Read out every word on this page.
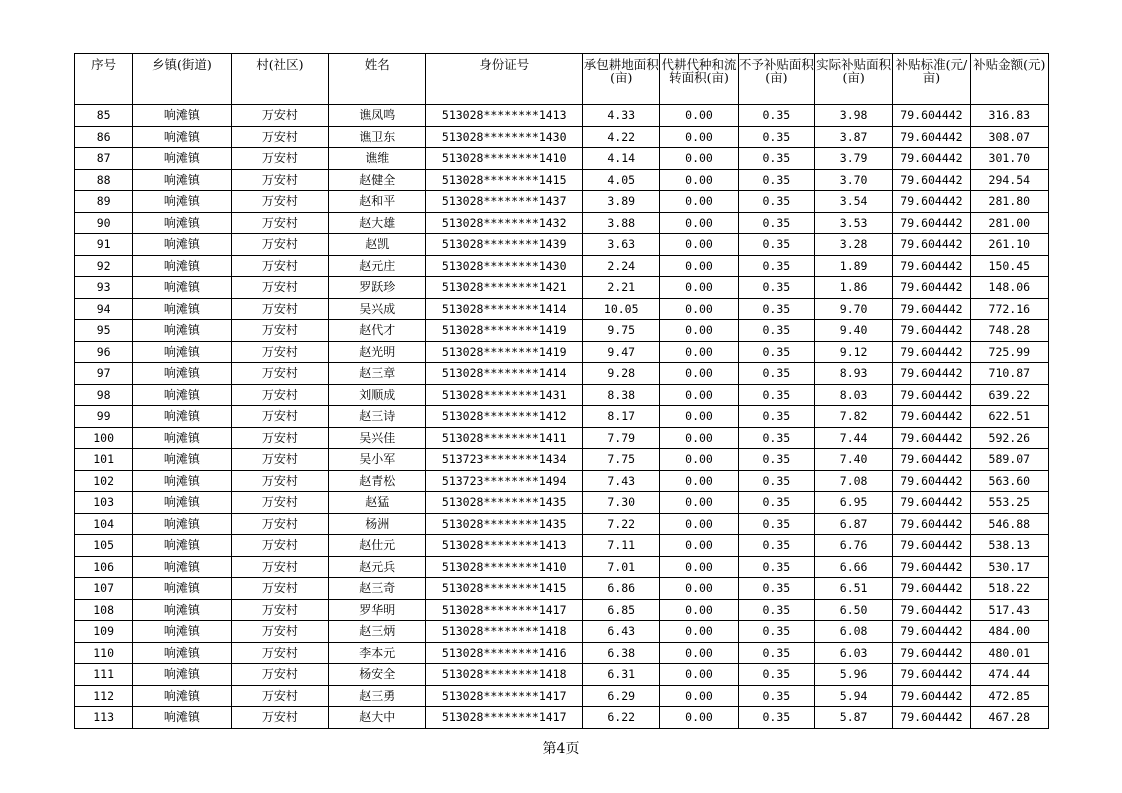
序号	乡镇(街道)	村(社区)	姓名	身份证号	承包耕地面积(亩)	代耕代种和流转面积(亩)	不予补贴面积(亩)	实际补贴面积(亩)	补贴标准(元/亩)	补贴金额(元)
85	响滩镇	万安村	谯凤鸣	513028********1413	4.33	0.00	0.35	3.98	79.604442	316.83
86	响滩镇	万安村	谯卫东	513028********1430	4.22	0.00	0.35	3.87	79.604442	308.07
87	响滩镇	万安村	谯维	513028********1410	4.14	0.00	0.35	3.79	79.604442	301.70
88	响滩镇	万安村	赵健全	513028********1415	4.05	0.00	0.35	3.70	79.604442	294.54
89	响滩镇	万安村	赵和平	513028********1437	3.89	0.00	0.35	3.54	79.604442	281.80
90	响滩镇	万安村	赵大雄	513028********1432	3.88	0.00	0.35	3.53	79.604442	281.00
91	响滩镇	万安村	赵凯	513028********1439	3.63	0.00	0.35	3.28	79.604442	261.10
92	响滩镇	万安村	赵元庄	513028********1430	2.24	0.00	0.35	1.89	79.604442	150.45
93	响滩镇	万安村	罗跃珍	513028********1421	2.21	0.00	0.35	1.86	79.604442	148.06
94	响滩镇	万安村	吴兴成	513028********1414	10.05	0.00	0.35	9.70	79.604442	772.16
95	响滩镇	万安村	赵代才	513028********1419	9.75	0.00	0.35	9.40	79.604442	748.28
96	响滩镇	万安村	赵光明	513028********1419	9.47	0.00	0.35	9.12	79.604442	725.99
97	响滩镇	万安村	赵三章	513028********1414	9.28	0.00	0.35	8.93	79.604442	710.87
98	响滩镇	万安村	刘顺成	513028********1431	8.38	0.00	0.35	8.03	79.604442	639.22
99	响滩镇	万安村	赵三诗	513028********1412	8.17	0.00	0.35	7.82	79.604442	622.51
100	响滩镇	万安村	吴兴佳	513028********1411	7.79	0.00	0.35	7.44	79.604442	592.26
101	响滩镇	万安村	吴小军	513723********1434	7.75	0.00	0.35	7.40	79.604442	589.07
102	响滩镇	万安村	赵青松	513723********1494	7.43	0.00	0.35	7.08	79.604442	563.60
103	响滩镇	万安村	赵猛	513028********1435	7.30	0.00	0.35	6.95	79.604442	553.25
104	响滩镇	万安村	杨洲	513028********1435	7.22	0.00	0.35	6.87	79.604442	546.88
105	响滩镇	万安村	赵仕元	513028********1413	7.11	0.00	0.35	6.76	79.604442	538.13
106	响滩镇	万安村	赵元兵	513028********1410	7.01	0.00	0.35	6.66	79.604442	530.17
107	响滩镇	万安村	赵三奇	513028********1415	6.86	0.00	0.35	6.51	79.604442	518.22
108	响滩镇	万安村	罗华明	513028********1417	6.85	0.00	0.35	6.50	79.604442	517.43
109	响滩镇	万安村	赵三炳	513028********1418	6.43	0.00	0.35	6.08	79.604442	484.00
110	响滩镇	万安村	李本元	513028********1416	6.38	0.00	0.35	6.03	79.604442	480.01
111	响滩镇	万安村	杨安全	513028********1418	6.31	0.00	0.35	5.96	79.604442	474.44
112	响滩镇	万安村	赵三勇	513028********1417	6.29	0.00	0.35	5.94	79.604442	472.85
113	响滩镇	万安村	赵大中	513028********1417	6.22	0.00	0.35	5.87	79.604442	467.28
第4页
